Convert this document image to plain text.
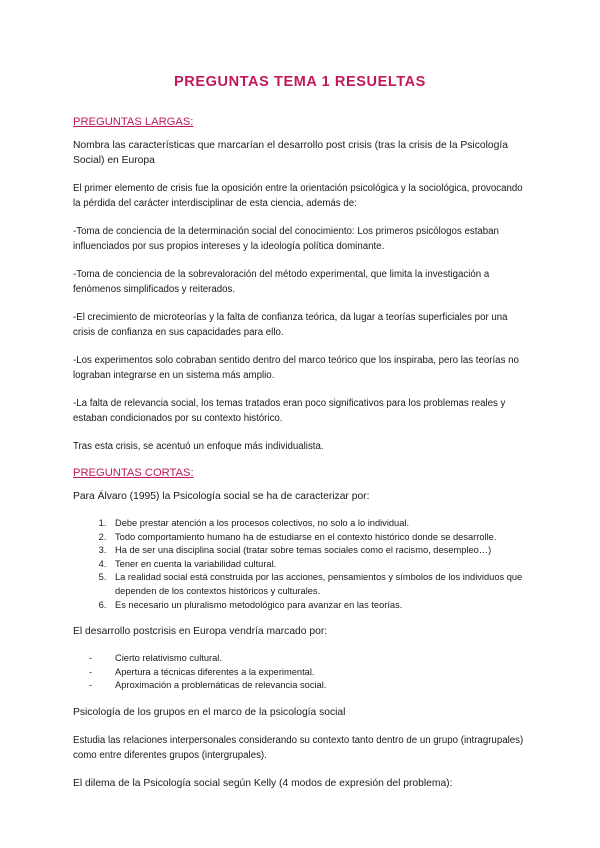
PREGUNTAS TEMA 1 RESUELTAS
PREGUNTAS LARGAS:

Nombra las características que marcarían el desarrollo post crisis (tras la crisis de la Psicología Social) en Europa

El primer elemento de crisis fue la oposición entre la orientación psicológica y la sociológica, provocando la pérdida del carácter interdisciplinar de esta ciencia, además de:

-Toma de conciencia de la determinación social del conocimiento: Los primeros psicólogos estaban influenciados por sus propios intereses y la ideología política dominante.

-Toma de conciencia de la sobrevaloración del método experimental, que limita la investigación a fenómenos simplificados y reiterados.

-El crecimiento de microteorías y la falta de confianza teórica, da lugar a teorías superficiales por una crisis de confianza en sus capacidades para ello.

-Los experimentos solo cobraban sentido dentro del marco teórico que los inspiraba, pero las teorías no lograban integrarse en un sistema más amplio.

-La falta de relevancia social, los temas tratados eran poco significativos para los problemas reales y estaban condicionados por su contexto histórico.

Tras esta crisis, se acentuó un enfoque más individualista.

PREGUNTAS CORTAS:

Para Álvaro (1995) la Psicología social se ha de caracterizar por:

1. Debe prestar atención a los procesos colectivos, no solo a lo individual.
2. Todo comportamiento humano ha de estudiarse en el contexto histórico donde se desarrolle.
3. Ha de ser una disciplina social (tratar sobre temas sociales como el racismo, desempleo…)
4. Tener en cuenta la variabilidad cultural.
5. La realidad social está construida por las acciones, pensamientos y símbolos de los individuos que dependen de los contextos históricos y culturales.
6. Es necesario un pluralismo metodológico para avanzar en las teorías.

El desarrollo postcrisis en Europa vendría marcado por:

- Cierto relativismo cultural.
- Apertura a técnicas diferentes a la experimental.
- Aproximación a problemáticas de relevancia social.

Psicología de los grupos en el marco de la psicología social

Estudia las relaciones interpersonales considerando su contexto tanto dentro de un grupo (intragrupales) como entre diferentes grupos (intergrupales).

El dilema de la Psicología social según Kelly (4 modos de expresión del problema):
